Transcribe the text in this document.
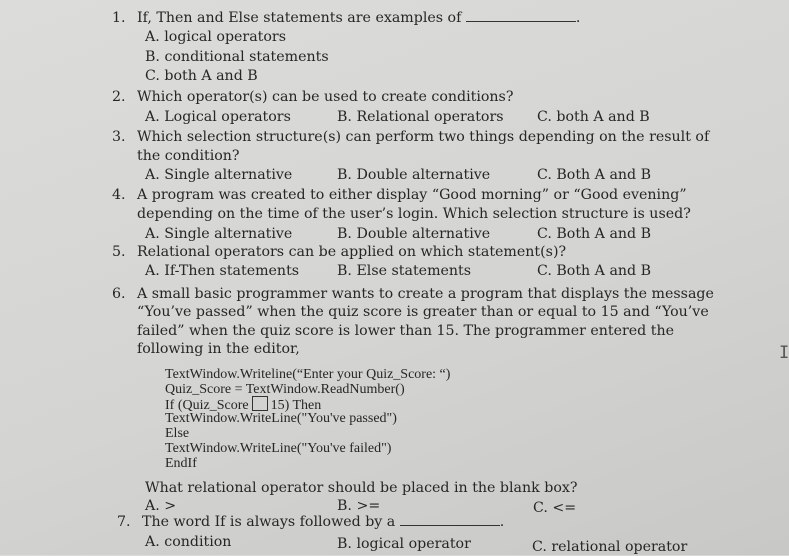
1. If, Then and Else statements are examples of	.
A. logical operators
B. conditional statements
C. both A and B
2. Which operator(s) can be used to create conditions?
A. Logical operators	B. Relational operators C. both A and B
3. Which selection structure(s) can perform two things depending on the result of
the condition?
A. Single alternative	B. Double alternative	C. Both A and B
4. A program was created to either display “Good morning” or “Good evening”
depending on the time of the user’s login. Which selection structure is used?
A. Single alternative	B. Double alternative	C. Both A and B
5. Relational operators can be applied on which statement(s)?
A. If-Then statements	B. Else statements	C. Both A and B
6. A small basic programmer wants to create a program that displays the message
“You’ve passed” when the quiz score is greater than or equal to 15 and “You’ve
failed” when the quiz score is lower than 15. The programmer entered the
following in the editor,
TextWindow.Writeline(“Enter your Quiz_Score: “)
Quiz_Score = TextWindow.ReadNumber()
If (Quiz_Score 15) Then
TextWindow.WriteLine("You've passed")
Else
TextWindow.WriteLine("You've failed")
EndIf
What relational operator should be placed in the blank box?
A. >	B. >=	C. <=
7. The word If is always followed by a	.
A. condition	B. logical operator	C. relational operator
I
